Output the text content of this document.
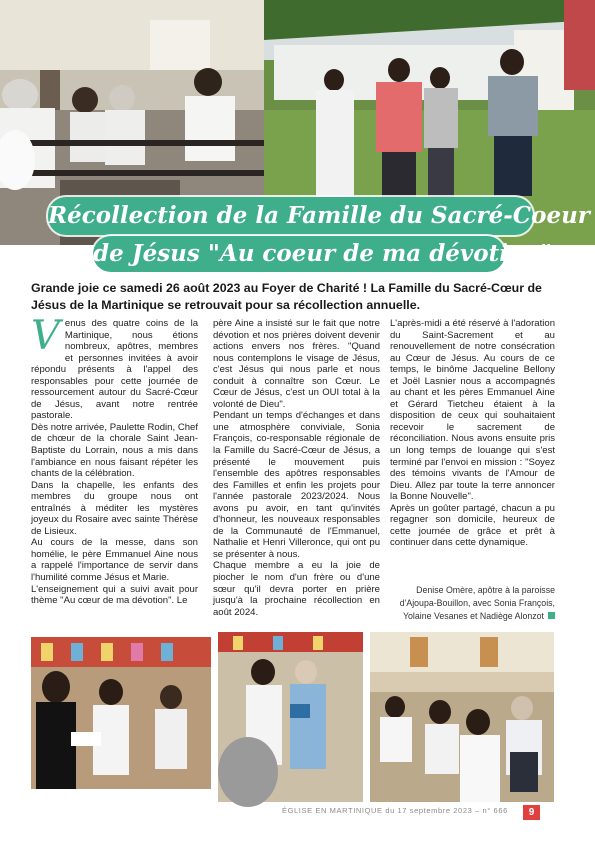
Récollection de la Famille du Sacré-Coeur
de Jésus "Au coeur de ma dévotion"
Grande joie ce samedi 26 août 2023 au Foyer de Charité ! La Famille du Sacré-Cœur de Jésus de la Martinique se retrouvait pour sa récollection annuelle.

Venus des quatre coins de la Martinique, nous étions nombreux, apôtres, membres et personnes invitées à avoir répondu présents à l'appel des responsables pour cette journée de ressourcement autour du Sacré-Cœur de Jésus, avant notre rentrée pastorale.

Dès notre arrivée, Paulette Rodin, Chef de chœur de la chorale Saint Jean-Baptiste du Lorrain, nous a mis dans l'ambiance en nous faisant répéter les chants de la célébration.

Dans la chapelle, les enfants des membres du groupe nous ont entraînés à méditer les mystères joyeux du Rosaire avec sainte Thérèse de Lisieux.

Au cours de la messe, dans son homélie, le père Emmanuel Aine nous a rappelé l'importance de servir dans l'humilité comme Jésus et Marie.

L'enseignement qui a suivi avait pour thème "Au cœur de ma dévotion". Le

père Aine a insisté sur le fait que notre dévotion et nos prières doivent devenir actions envers nos frères. "Quand nous contemplons le visage de Jésus, c'est Jésus qui nous parle et nous conduit à connaître son Cœur. Le Cœur de Jésus, c'est un OUI total à la volonté de Dieu".

Pendant un temps d'échanges et dans une atmosphère conviviale, Sonia François, co-responsable régionale de la Famille du Sacré-Cœur de Jésus, a présenté le mouvement puis l'ensemble des apôtres responsables des Familles et enfin les projets pour l'année pastorale 2023/2024. Nous avons pu avoir, en tant qu'invités d'honneur, les nouveaux responsables de la Communauté de l'Emmanuel, Nathalie et Henri Villeronce, qui ont pu se présenter à nous.

Chaque membre a eu la joie de piocher le nom d'un frère ou d'une sœur qu'il devra porter en prière jusqu'à la prochaine récollection en août 2024.

L'après-midi a été réservé à l'adoration du Saint-Sacrement et au renouvellement de notre consécration au Cœur de Jésus. Au cours de ce temps, le binôme Jacqueline Bellony et Joël Lasnier nous a accompagnés au chant et les pères Emmanuel Aine et Gérard Tietcheu étaient à la disposition de ceux qui souhaitaient recevoir le sacrement de réconciliation. Nous avons ensuite pris un long temps de louange qui s'est terminé par l'envoi en mission : "Soyez des témoins vivants de l'Amour de Dieu. Allez par toute la terre annoncer la Bonne Nouvelle".

Après un goûter partagé, chacun a pu regagner son domicile, heureux de cette journée de grâce et prêt à continuer dans cette dynamique.

Denise Omère, apôtre à la paroisse d'Ajoupa-Bouillon, avec Sonia François, Yolaine Vesanes et Nadiège Alonzot
ÉGLISE EN MARTINIQUE du 17 septembre 2023 – n° 666	9
